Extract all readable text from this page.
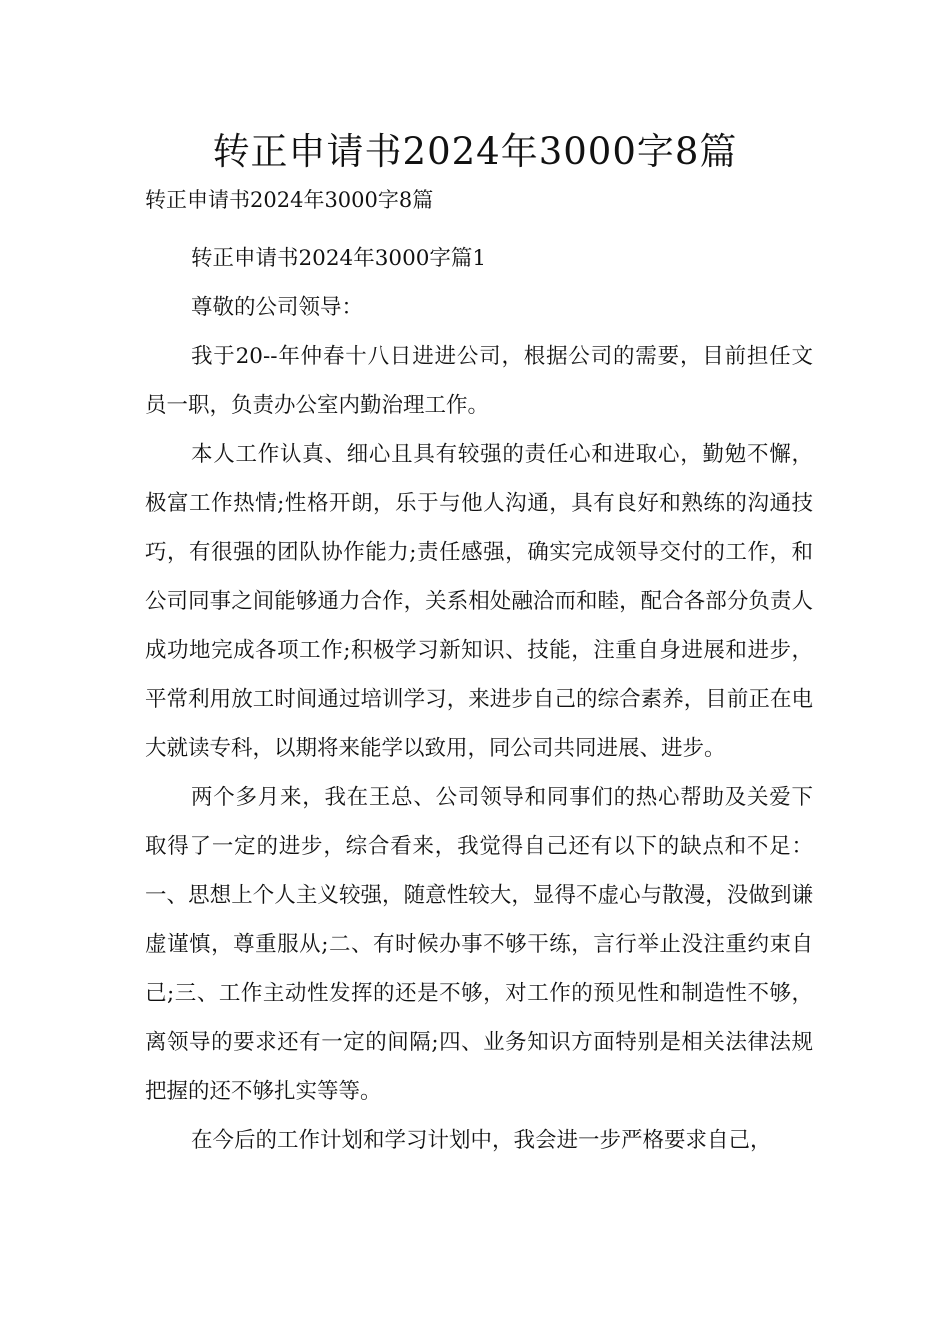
转正申请书2024年3000字8篇

转正申请书2024年3000字8篇

转正申请书2024年3000字篇1

尊敬的公司领导：

我于20--年仲春十八日进进公司，根据公司的需要，目前担任文员一职，负责办公室内勤治理工作。

本人工作认真、细心且具有较强的责任心和进取心，勤勉不懈，极富工作热情;性格开朗，乐于与他人沟通，具有良好和熟练的沟通技巧，有很强的团队协作能力;责任感强，确实完成领导交付的工作，和公司同事之间能够通力合作，关系相处融洽而和睦，配合各部分负责人成功地完成各项工作;积极学习新知识、技能，注重自身进展和进步，平常利用放工时间通过培训学习，来进步自己的综合素养，目前正在电大就读专科，以期将来能学以致用，同公司共同进展、进步。

两个多月来，我在王总、公司领导和同事们的热心帮助及关爱下取得了一定的进步，综合看来，我觉得自己还有以下的缺点和不足：一、思想上个人主义较强，随意性较大，显得不虚心与散漫，没做到谦虚谨慎，尊重服从;二、有时候办事不够干练，言行举止没注重约束自己;三、工作主动性发挥的还是不够，对工作的预见性和制造性不够，离领导的要求还有一定的间隔;四、业务知识方面特别是相关法律法规把握的还不够扎实等等。

在今后的工作计划和学习计划中，我会进一步严格要求自己，
